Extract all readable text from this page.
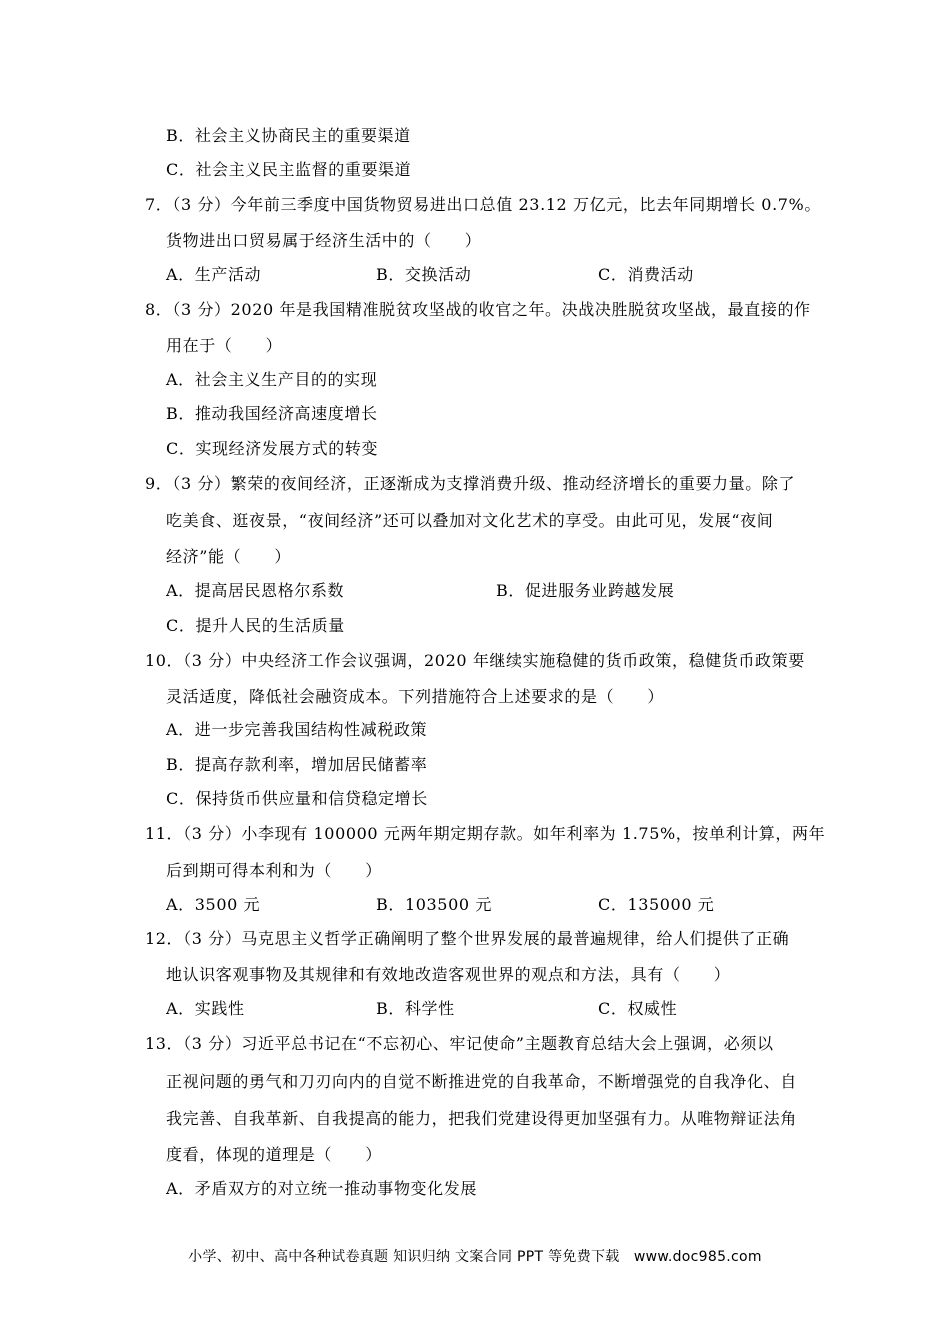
B．社会主义协商民主的重要渠道
C．社会主义民主监督的重要渠道
7．（3 分）今年前三季度中国货物贸易进出口总值 23.12 万亿元，比去年同期增长 0.7%。
货物进出口贸易属于经济生活中的（　　）
A．生产活动	B．交换活动	C．消费活动
8．（3 分）2020 年是我国精准脱贫攻坚战的收官之年。决战决胜脱贫攻坚战，最直接的作
用在于（　　）
A．社会主义生产目的的实现
B．推动我国经济高速度增长
C．实现经济发展方式的转变
9．（3 分）繁荣的夜间经济，正逐渐成为支撑消费升级、推动经济增长的重要力量。除了
吃美食、逛夜景，“夜间经济”还可以叠加对文化艺术的享受。由此可见，发展“夜间
经济”能（　　）
A．提高居民恩格尔系数	B．促进服务业跨越发展
C．提升人民的生活质量
10．（3 分）中央经济工作会议强调，2020 年继续实施稳健的货币政策，稳健货币政策要
灵活适度，降低社会融资成本。下列措施符合上述要求的是（　　）
A．进一步完善我国结构性减税政策
B．提高存款利率，增加居民储蓄率
C．保持货币供应量和信贷稳定增长
11．（3 分）小李现有 100000 元两年期定期存款。如年利率为 1.75%，按单利计算，两年
后到期可得本利和为（　　）
A．3500 元	B．103500 元	C．135000 元
12．（3 分）马克思主义哲学正确阐明了整个世界发展的最普遍规律，给人们提供了正确
地认识客观事物及其规律和有效地改造客观世界的观点和方法，具有（　　）
A．实践性	B．科学性	C．权威性
13．（3 分）习近平总书记在“不忘初心、牢记使命”主题教育总结大会上强调，必须以
正视问题的勇气和刀刃向内的自觉不断推进党的自我革命，不断增强党的自我净化、自
我完善、自我革新、自我提高的能力，把我们党建设得更加坚强有力。从唯物辩证法角
度看，体现的道理是（　　）
A．矛盾双方的对立统一推动事物变化发展
小学、初中、高中各种试卷真题 知识归纳 文案合同 PPT 等免费下载　www.doc985.com
